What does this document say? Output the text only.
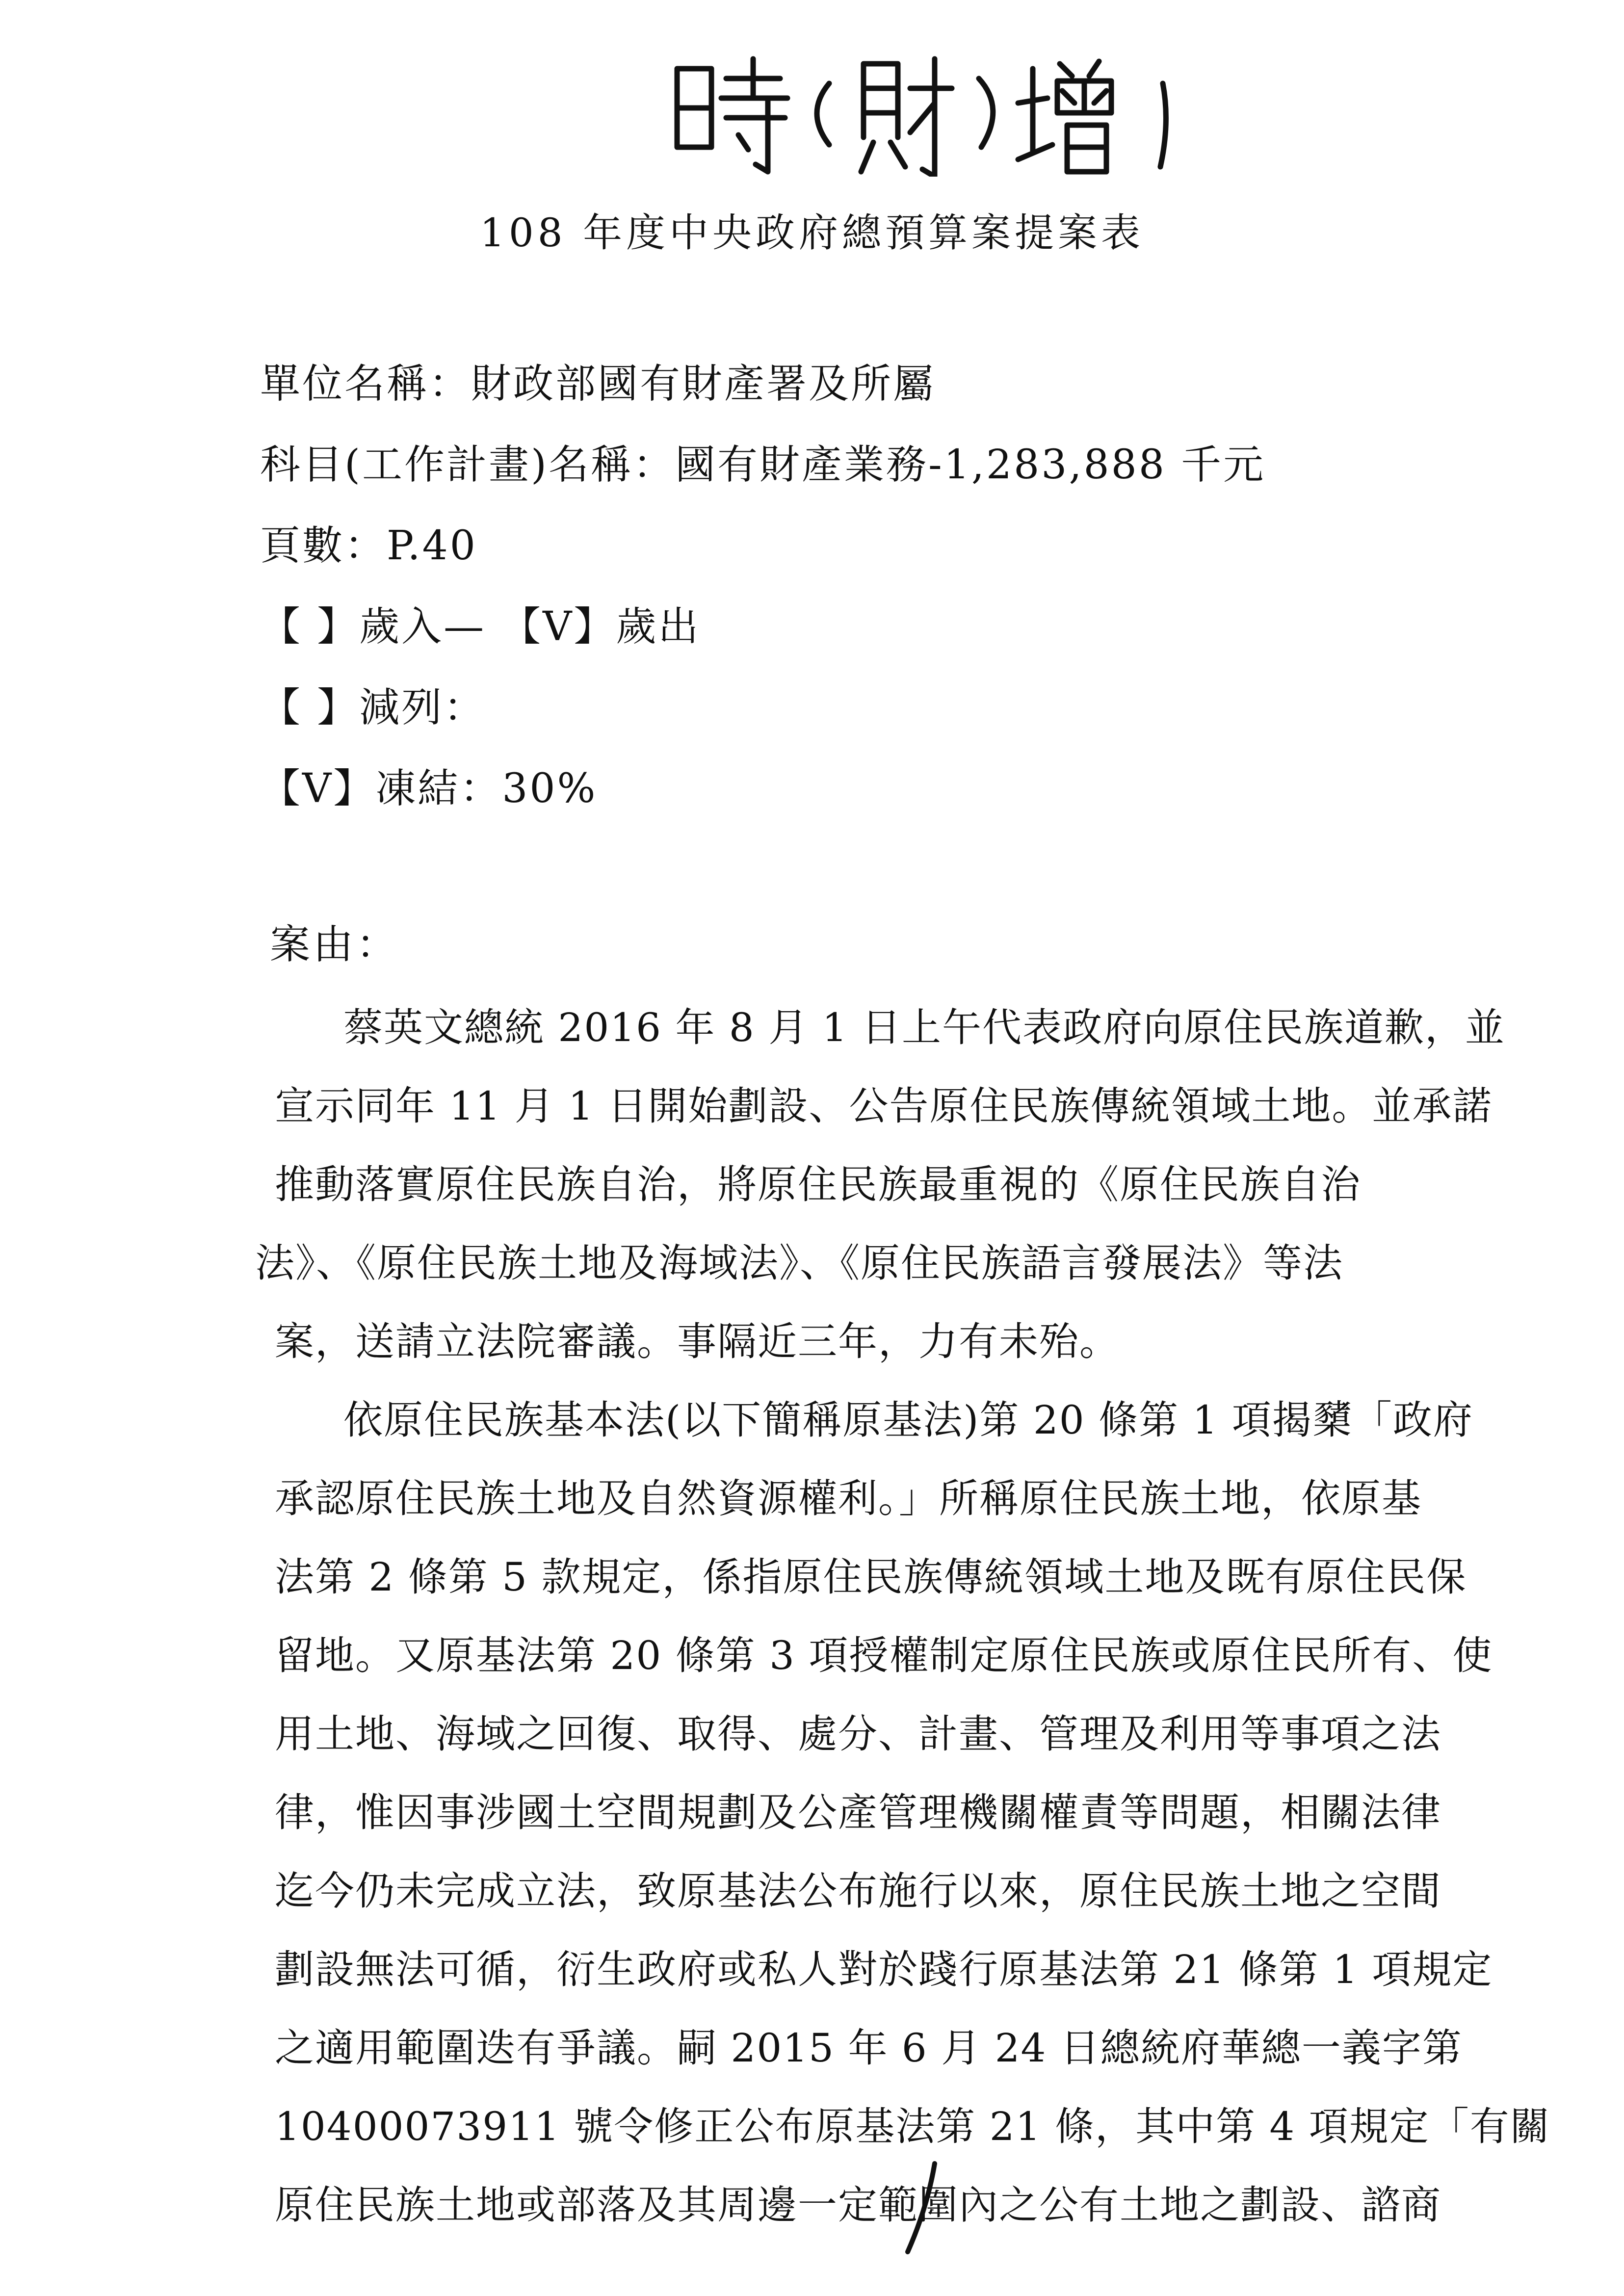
108 年度中央政府總預算案提案表
單位名稱：財政部國有財產署及所屬
科目(工作計畫)名稱：國有財產業務-1,283,888 千元
頁數：P.40
【 】歲入— 【V】歲出
【 】減列：
【V】凍結：30%
案由：
蔡英文總統 2016 年 8 月 1 日上午代表政府向原住民族道歉，並
宣示同年 11 月 1 日開始劃設、公告原住民族傳統領域土地。並承諾
推動落實原住民族自治，將原住民族最重視的《原住民族自治
法》、《原住民族土地及海域法》、《原住民族語言發展法》等法
案，送請立法院審議。事隔近三年，力有未殆。
依原住民族基本法(以下簡稱原基法)第 20 條第 1 項揭櫫「政府
承認原住民族土地及自然資源權利。」所稱原住民族土地，依原基
法第 2 條第 5 款規定，係指原住民族傳統領域土地及既有原住民保
留地。又原基法第 20 條第 3 項授權制定原住民族或原住民所有、使
用土地、海域之回復、取得、處分、計畫、管理及利用等事項之法
律，惟因事涉國土空間規劃及公產管理機關權責等問題，相關法律
迄今仍未完成立法，致原基法公布施行以來，原住民族土地之空間
劃設無法可循，衍生政府或私人對於踐行原基法第 21 條第 1 項規定
之適用範圍迭有爭議。嗣 2015 年 6 月 24 日總統府華總一義字第
10400073911 號令修正公布原基法第 21 條，其中第 4 項規定「有關
原住民族土地或部落及其周邊一定範圍內之公有土地之劃設、諮商
